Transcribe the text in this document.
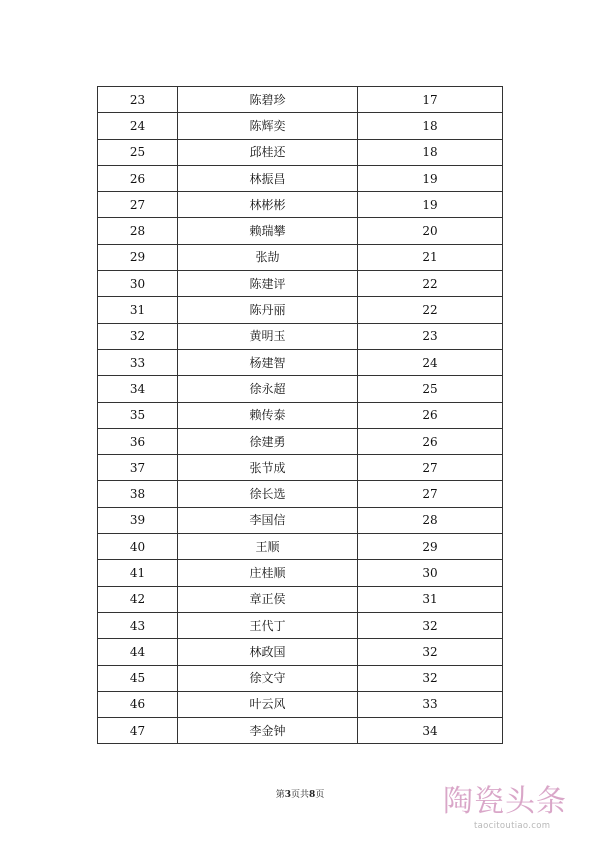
23	陈碧珍	17
24	陈辉奕	18
25	邱桂还	18
26	林振昌	19
27	林彬彬	19
28	赖瑞攀	20
29	张劼	21
30	陈建评	22
31	陈丹丽	22
32	黄明玉	23
33	杨建智	24
34	徐永超	25
35	赖传泰	26
36	徐建勇	26
37	张节成	27
38	徐长选	27
39	李国信	28
40	王顺	29
41	庄桂顺	30
42	章正侯	31
43	王代丁	32
44	林政国	32
45	徐文守	32
46	叶云风	33
47	李金钟	34
第3页共8页	陶瓷头条
taocitoutiao.com
